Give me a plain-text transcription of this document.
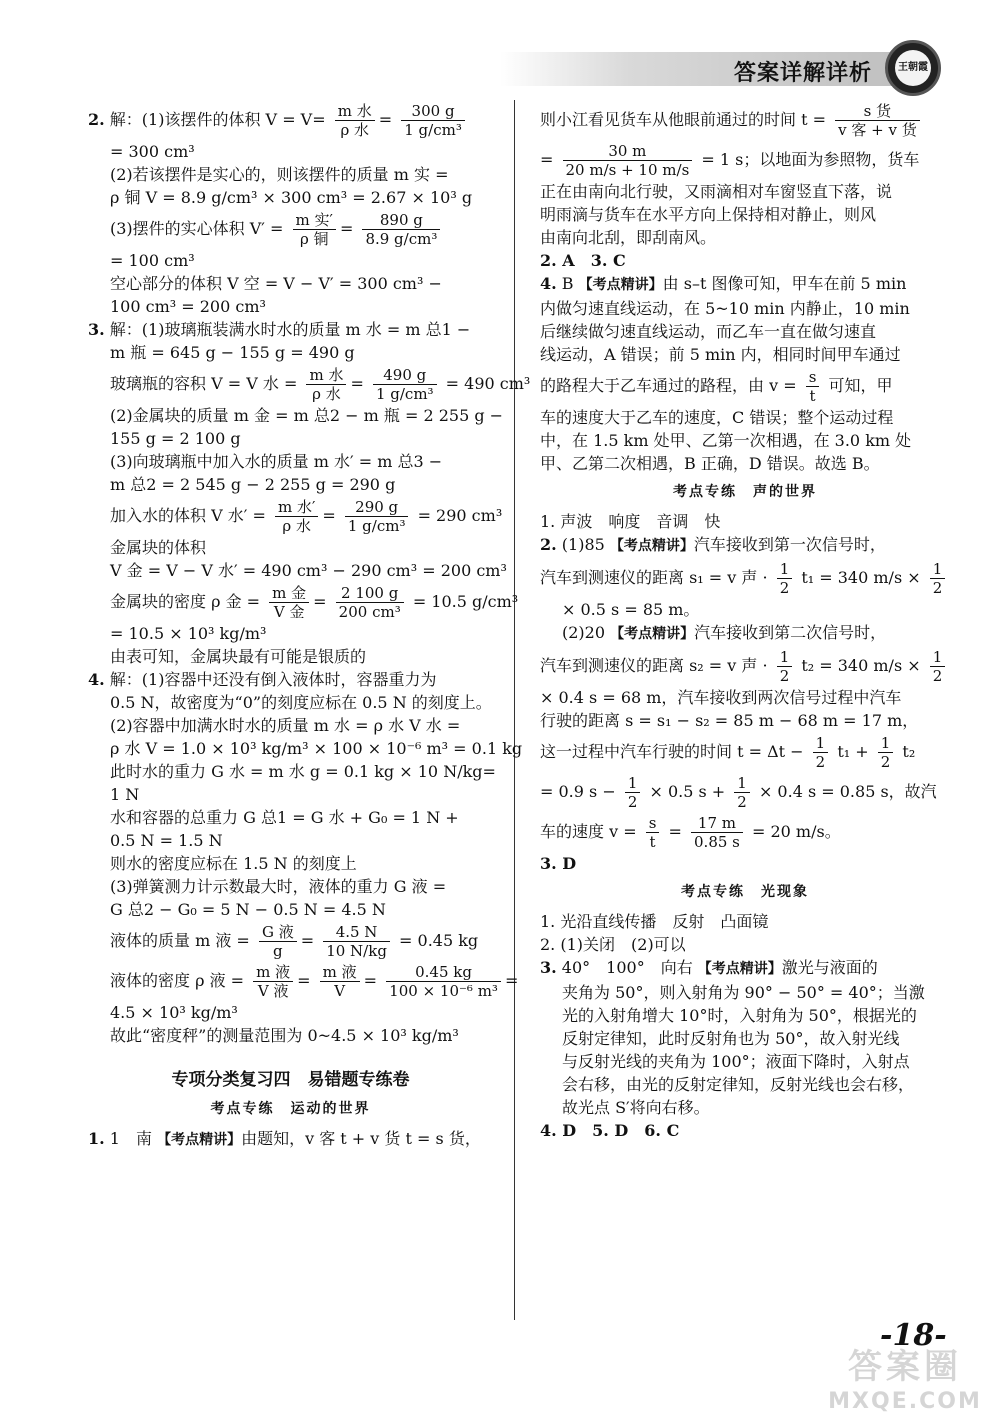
答案详解详析	王朝霞
2. 解：(1)该摆件的体积 $V = V= \frac{\text{m 水}}{\text{ρ 水}} = \frac{300 g}{\text{1 g/cm³}}$
= 300 cm³
(2)若该摆件是实心的，则该摆件的质量 m 实 =
ρ 铜 V = 8.9 g/cm³ × 300 cm³ = 2.67 × 10³ g
(3)摆件的实心体积 $V' = \frac{\text{m 实′}}{\text{ρ 铜}} = \frac{890 g}{\text{8.9 g/cm³}}$
= 100 cm³
空心部分的体积 V 空 = V − V′ = 300 cm³ −
100 cm³ = 200 cm³
3. 解：(1)玻璃瓶装满水时水的质量 m 水 = m 总1 −
m 瓶 = 645 g − 155 g = 490 g
玻璃瓶的容积 V = V 水 = $\frac{\text{m 水}}{\text{ρ 水}} = \frac{490 g}{\text{1 g/cm³}} = 490$ cm³
(2)金属块的质量 m 金 = m 总2 − m 瓶 = 2 255 g −
155 g = 2 100 g
(3)向玻璃瓶中加入水的质量 m 水′ = m 总3 −
m 总2 = 2 545 g − 2 255 g = 290 g
加入水的体积 V 水′ = $\frac{\text{m 水′}}{\text{ρ 水}} = \frac{290 g}{\text{1 g/cm³}} = 290$ cm³
金属块的体积
V 金 = V − V 水′ = 490 cm³ − 290 cm³ = 200 cm³
金属块的密度 ρ 金 = $\frac{\text{m 金}}{\text{V 金}} = \frac{2 100 g}{\text{200 cm³}} = 10.5$ g/cm³
= 10.5 × 10³ kg/m³
由表可知，金属块最有可能是银质的
4. 解：(1)容器中还没有倒入液体时，容器重力为
0.5 N，故密度为“0”的刻度应标在 0.5 N 的刻度上。
(2)容器中加满水时水的质量 m 水 = ρ 水 V 水 =
ρ 水 V = 1.0 × 10³ kg/m³ × 100 × 10⁻⁶ m³ = 0.1 kg
此时水的重力 G 水 = m 水 g = 0.1 kg × 10 N/kg=
1 N
水和容器的总重力 G 总1 = G 水 + G₀ = 1 N +
0.5 N = 1.5 N
则水的密度应标在 1.5 N 的刻度上
(3)弹簧测力计示数最大时，液体的重力 G 液 =
G 总2 − G₀ = 5 N − 0.5 N = 4.5 N
液体的质量 m 液 = $\frac{\text{G 液}}{g} = \frac{4.5 N}{10 N/kg} = 0.45$ kg
液体的密度 ρ 液 = $\frac{\text{m 液}}{\text{V 液}} = \frac{\text{m 液}}{V} = \frac{0.45 kg}{\text{100 × 10⁻⁶ m³}}$ =
4.5 × 10³ kg/m³
故此“密度秤”的测量范围为 0~4.5 × 10³ kg/m³
专项分类复习四　易错题专练卷
考点专练　运动的世界
1. 1　南 【考点精讲】由题知，v 客 t + v 货 t = s 货，
则小江看见货车从他眼前通过的时间 $t = \frac{\text{s 货}}{\text{v 客 + v 货}}$
= $\frac{30 m}{20 m/s + 10 m/s} = 1$ s；以地面为参照物，货车
正在由南向北行驶，又雨滴相对车窗竖直下落，说
明雨滴与货车在水平方向上保持相对静止，则风
由南向北刮，即刮南风。
2. A　3. C
4. B 【考点精讲】由 s–t 图像可知，甲车在前 5 min
内做匀速直线运动，在 5~10 min 内静止，10 min
后继续做匀速直线运动，而乙车一直在做匀速直
线运动，A 错误；前 5 min 内，相同时间甲车通过
的路程大于乙车通过的路程，由 $v = \frac{s}{t}$ 可知，甲
车的速度大于乙车的速度，C 错误；整个运动过程
中，在 1.5 km 处甲、乙第一次相遇，在 3.0 km 处
甲、乙第二次相遇，B 正确，D 错误。故选 B。
考点专练　声的世界
1. 声波　响度　音调　快
2. (1)85 【考点精讲】汽车接收到第一次信号时，
汽车到测速仪的距离 s₁ = v 声 · $\frac{1}{2} t_1 = 340$ $m/s \times \frac{1}{2}$
× 0.5 s = 85 m。
(2)20 【考点精讲】汽车接收到第二次信号时，
汽车到测速仪的距离 s₂ = v 声 · $\frac{1}{2} t_2 = 340$ $m/s \times \frac{1}{2}$
× 0.4 s = 68 m，汽车接收到两次信号过程中汽车
行驶的距离 s = s₁ − s₂ = 85 m − 68 m = 17 m，
这一过程中汽车行驶的时间 $t = \Delta t - \frac{1}{2} t_1 + \frac{1}{2} t_2$
= 0.9 $s - \frac{1}{2} \times 0.5$ $s + \frac{1}{2} \times 0.4$ s = 0.85 s，故汽
车的速度 $v = \frac{s}{t} = \frac{17 m}{0.85 s} = 20$ m/s。
3. D
考点专练　光现象
1. 光沿直线传播　反射　凸面镜
2. (1)关闭　(2)可以
3. 40°　100°　向右 【考点精讲】激光与液面的
夹角为 50°，则入射角为 90° − 50° = 40°；当激
光的入射角增大 10°时，入射角为 50°，根据光的
反射定律知，此时反射角也为 50°，故入射光线
与反射光线的夹角为 100°；液面下降时，入射点
会右移，由光的反射定律知，反射光线也会右移，
故光点 S′将向右移。
4. D　5. D　6. C
-18-
答案圈
MXQE.COM
